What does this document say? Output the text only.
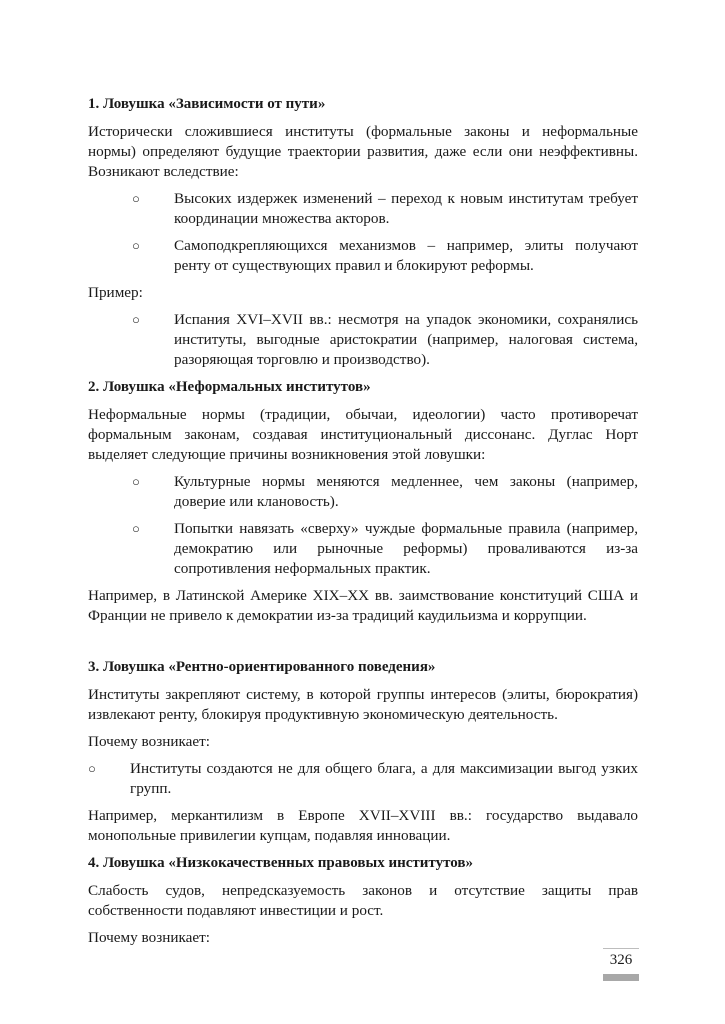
1. Ловушка «Зависимости от пути»
Исторически сложившиеся институты (формальные законы и неформальные нормы) определяют будущие траектории развития, даже если они неэффективны. Возникают вследствие:
○	Высоких издержек изменений – переход к новым институтам требует координации множества акторов.
○	Самоподкрепляющихся механизмов – например, элиты получают ренту от существующих правил и блокируют реформы.
Пример:
○	Испания XVI–XVII вв.: несмотря на упадок экономики, сохранялись институты, выгодные аристократии (например, налоговая система, разоряющая торговлю и производство).
2. Ловушка «Неформальных институтов»
Неформальные нормы (традиции, обычаи, идеологии) часто противоречат формальным законам, создавая институциональный диссонанс. Дуглас Норт выделяет следующие причины возникновения этой ловушки:
○	Культурные нормы меняются медленнее, чем законы (например, доверие или клановость).
○	Попытки навязать «сверху» чуждые формальные правила (например, демократию или рыночные реформы) проваливаются из-за сопротивления неформальных практик.
Например, в Латинской Америке XIX–XX вв. заимствование конституций США и Франции не привело к демократии из-за традиций каудильизма и коррупции.
3. Ловушка «Рентно-ориентированного поведения»
Институты закрепляют систему, в которой группы интересов (элиты, бюрократия) извлекают ренту, блокируя продуктивную экономическую деятельность.
Почему возникает:
○	Институты создаются не для общего блага, а для максимизации выгод узких групп.
Например, меркантилизм в Европе XVII–XVIII вв.: государство выдавало монопольные привилегии купцам, подавляя инновации.
4. Ловушка «Низкокачественных правовых институтов»
Слабость судов, непредсказуемость законов и отсутствие защиты прав собственности подавляют инвестиции и рост.
Почему возникает:
326
